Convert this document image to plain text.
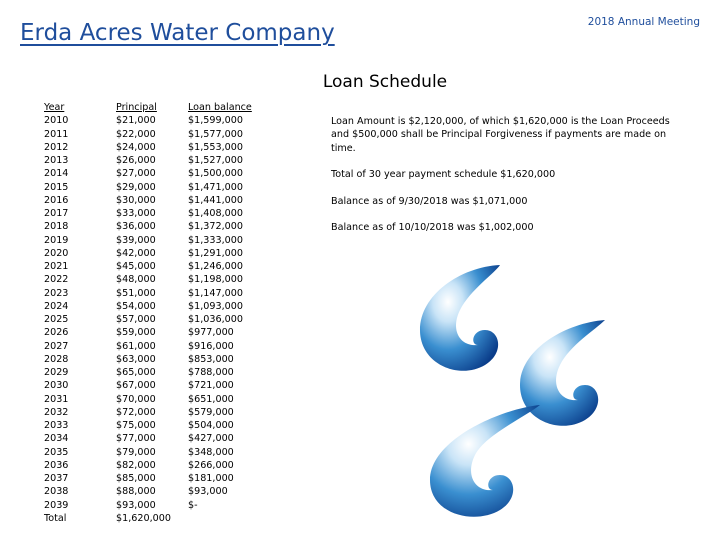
Erda Acres Water Company	2018 Annual Meeting
Loan Schedule
Year
2010
2011
2012
2013
2014
2015
2016
2017
2018
2019
2020
2021
2022
2023
2024
2025
2026
2027
2028
2029
2030
2031
2032
2033
2034
2035
2036
2037
2038
2039
Total
Principal
$21,000
$22,000
$24,000
$26,000
$27,000
$29,000
$30,000
$33,000
$36,000
$39,000
$42,000
$45,000
$48,000
$51,000
$54,000
$57,000
$59,000
$61,000
$63,000
$65,000
$67,000
$70,000
$72,000
$75,000
$77,000
$79,000
$82,000
$85,000
$88,000
$93,000
$1,620,000
Loan balance
$1,599,000
$1,577,000
$1,553,000
$1,527,000
$1,500,000
$1,471,000
$1,441,000
$1,408,000
$1,372,000
$1,333,000
$1,291,000
$1,246,000
$1,198,000
$1,147,000
$1,093,000
$1,036,000
$977,000
$916,000
$853,000
$788,000
$721,000
$651,000
$579,000
$504,000
$427,000
$348,000
$266,000
$181,000
$93,000
$-

Loan Amount is $2,120,000, of which $1,620,000 is the Loan Proceeds and $500,000 shall be Principal Forgiveness if payments are made on time.

Total of 30 year payment schedule $1,620,000

Balance as of 9/30/2018 was $1,071,000

Balance as of 10/10/2018 was $1,002,000
